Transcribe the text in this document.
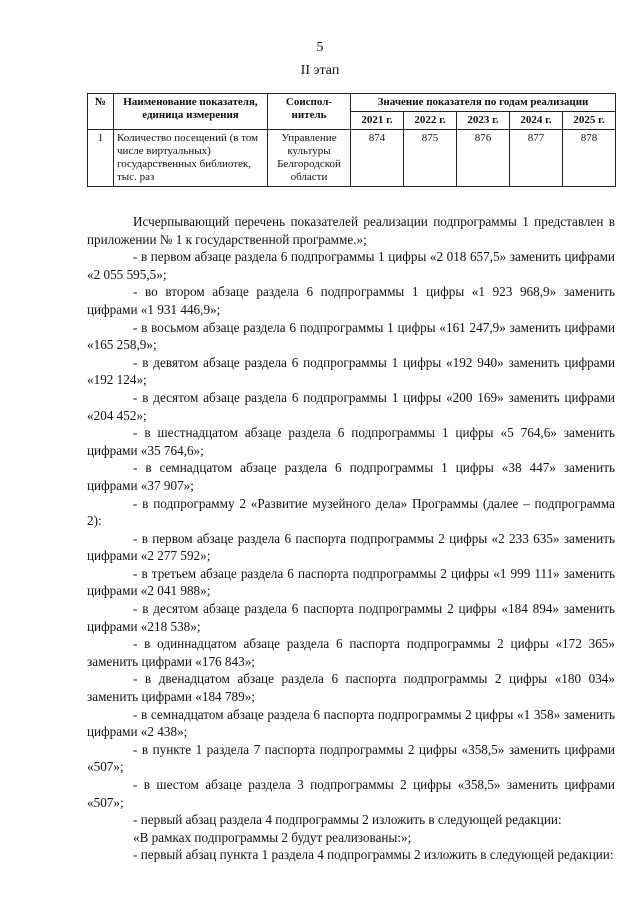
5
II этап
№	Наименование показателя, единица измерения	Соиспол-нитель	Значение показателя по годам реализации				
			2021 г.	2022 г.	2023 г.	2024 г.	2025 г.
1	Количество посещений (в том числе виртуальных) государственных библиотек, тыс. раз	Управление культуры Белгородской области	874	875	876	877	878

Исчерпывающий перечень показателей реализации подпрограммы 1 представлен в приложении № 1 к государственной программе.»;

- в первом абзаце раздела 6 подпрограммы 1 цифры «2 018 657,5» заменить цифрами «2 055 595,5»;

- во втором абзаце раздела 6 подпрограммы 1 цифры «1 923 968,9» заменить цифрами «1 931 446,9»;

- в восьмом абзаце раздела 6 подпрограммы 1 цифры «161 247,9» заменить цифрами «165 258,9»;

- в девятом абзаце раздела 6 подпрограммы 1 цифры «192 940» заменить цифрами «192 124»;

- в десятом абзаце раздела 6 подпрограммы 1 цифры «200 169» заменить цифрами «204 452»;

- в шестнадцатом абзаце раздела 6 подпрограммы 1 цифры «5 764,6» заменить цифрами «35 764,6»;

- в семнадцатом абзаце раздела 6 подпрограммы 1 цифры «38 447» заменить цифрами «37 907»;

- в подпрограмму 2 «Развитие музейного дела» Программы (далее – подпрограмма 2):

- в первом абзаце раздела 6 паспорта подпрограммы 2 цифры «2 233 635» заменить цифрами «2 277 592»;

- в третьем абзаце раздела 6 паспорта подпрограммы 2 цифры «1 999 111» заменить цифрами «2 041 988»;

- в десятом абзаце раздела 6 паспорта подпрограммы 2 цифры «184 894» заменить цифрами «218 538»;

- в одиннадцатом абзаце раздела 6 паспорта подпрограммы 2 цифры «172 365» заменить цифрами «176 843»;

- в двенадцатом абзаце раздела 6 паспорта подпрограммы 2 цифры «180 034» заменить цифрами «184 789»;

- в семнадцатом абзаце раздела 6 паспорта подпрограммы 2 цифры «1 358» заменить цифрами «2 438»;

- в пункте 1 раздела 7 паспорта подпрограммы 2 цифры «358,5» заменить цифрами «507»;

- в шестом абзаце раздела 3 подпрограммы 2 цифры «358,5» заменить цифрами «507»;

- первый абзац раздела 4 подпрограммы 2 изложить в следующей редакции:

«В рамках подпрограммы 2 будут реализованы:»;

- первый абзац пункта 1 раздела 4 подпрограммы 2 изложить в следующей редакции:
